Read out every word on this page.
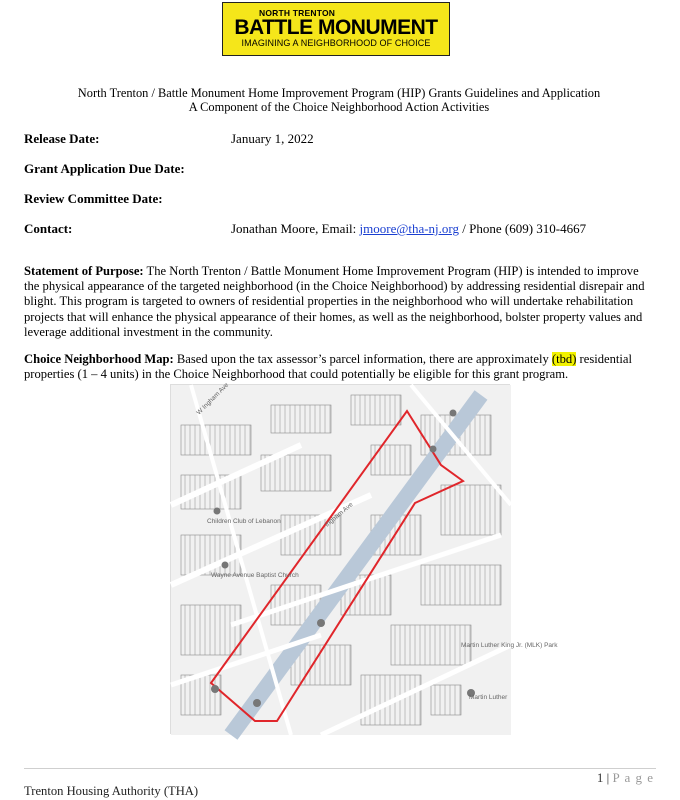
NORTH TRENTON
BATTLE MONUMENT
IMAGINING A NEIGHBORHOOD OF CHOICE
North Trenton / Battle Monument Home Improvement Program (HIP) Grants Guidelines and Application
A Component of the Choice Neighborhood Action Activities
Release Date:	January 1, 2022
Grant Application Due Date:
Review Committee Date:
Contact:	Jonathan Moore, Email: jmoore@tha-nj.org / Phone (609) 310-4667
Statement of Purpose: The North Trenton / Battle Monument Home Improvement Program (HIP) is intended to improve the physical appearance of the targeted neighborhood (in the Choice Neighborhood) by addressing residential disrepair and blight. This program is targeted to owners of residential properties in the neighborhood who will undertake rehabilitation projects that will enhance the physical appearance of their homes, as well as the neighborhood, bolster property values and leverage additional investment in the community.
Choice Neighborhood Map: Based upon the tax assessor’s parcel information, there are approximately (tbd) residential properties (1 – 4 units) in the Choice Neighborhood that could potentially be eligible for this grant program.
W Ingham Ave
Ingham Ave
Martin Luther King Jr. (MLK) Park
Martin Luther
Wayne Avenue Baptist Church
Children Club of Lebanon
1 | P a g e
Trenton Housing Authority (THA)
